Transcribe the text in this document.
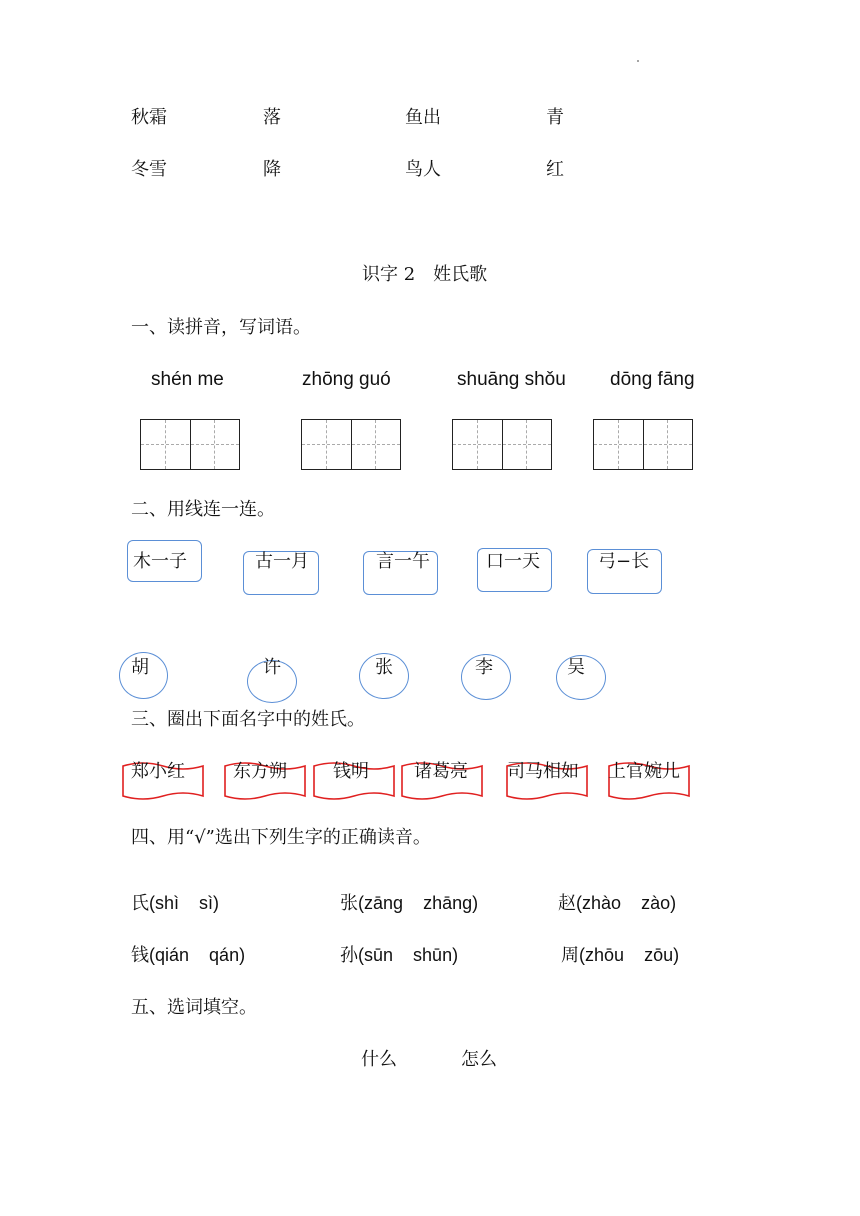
秋霜	落	鱼出	青
冬雪	降	鸟人	红
识字 2　姓氏歌
一、读拼音，写词语。
shén me	zhōng guó	shuāng shǒu dōng fāng
二、用线连一连。
木一子	古一月	言一午	口一天	弓−长
胡	许	张	李	吴
三、圈出下面名字中的姓氏。
郑小红	东方朔	钱明	诸葛亮 司马相如 上官婉儿
四、用“√”选出下列生字的正确读音。
氏(shì sì)	张(zāng zhāng)	赵(zhào zào)
钱(qián qán)	孙(sūn shūn)	周(zhōu zōu)
五、选词填空。
什么	怎么
